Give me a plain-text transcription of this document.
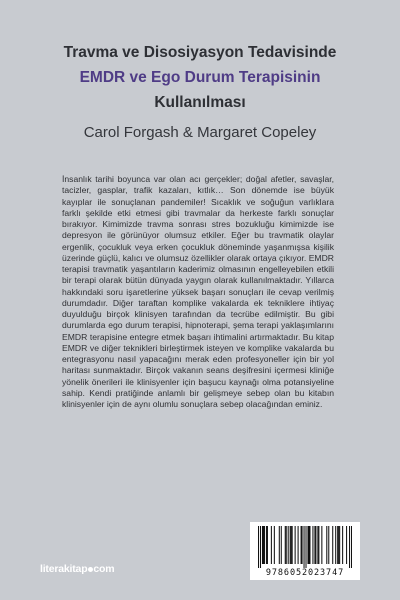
Travma ve Disosiyasyon Tedavisinde
EMDR ve Ego Durum Terapisinin
Kullanılması
Carol Forgash & Margaret Copeley

İnsanlık tarihi boyunca var olan acı gerçekler; doğal afetler, savaşlar, tacizler, gasplar, trafik kazaları, kıtlık… Son dönemde ise büyük kayıplar ile sonuçlanan pandemiler! Sıcaklık ve soğuğun varlıklara farklı şekilde etki etmesi gibi travmalar da herkeste farklı sonuçlar bırakıyor. Kimimizde travma sonrası stres bozukluğu kimimizde ise depresyon ile görünüyor olumsuz etkiler. Eğer bu travmatik olaylar ergenlik, çocukluk veya erken çocukluk döneminde yaşanmışsa kişilik üzerinde güçlü, kalıcı ve olumsuz özellikler olarak ortaya çıkıyor. EMDR terapisi travmatik yaşantıların kaderimiz olmasının engelleyebilen etkili bir terapi olarak bütün dünyada yaygın olarak kullanılmaktadır. Yıllarca hakkındaki soru işaretlerine yüksek başarı sonuçları ile cevap verilmiş durumdadır. Diğer taraftan komplike vakalarda ek tekniklere ihtiyaç duyulduğu birçok klinisyen tarafından da tecrübe edilmiştir. Bu gibi durumlarda ego durum terapisi, hipnoterapi, şema terapi yaklaşımlarını EMDR terapisine entegre etmek başarı ihtimalini artırmaktadır. Bu kitap EMDR ve diğer teknikleri birleştirmek isteyen ve komplike vakalarda bu entegrasyonu nasıl yapacağını merak eden profesyoneller için bir yol haritası sunmaktadır. Birçok vakanın seans deşifresini içermesi kliniğe yönelik önerileri ile klinisyenler için başucu kaynağı olma potansiyeline sahip. Kendi pratiğinde anlamlı bir gelişmeye sebep olan bu kitabın klinisyenler için de aynı olumlu sonuçlara sebep olacağından eminiz.

literakitap com	9786052023747
